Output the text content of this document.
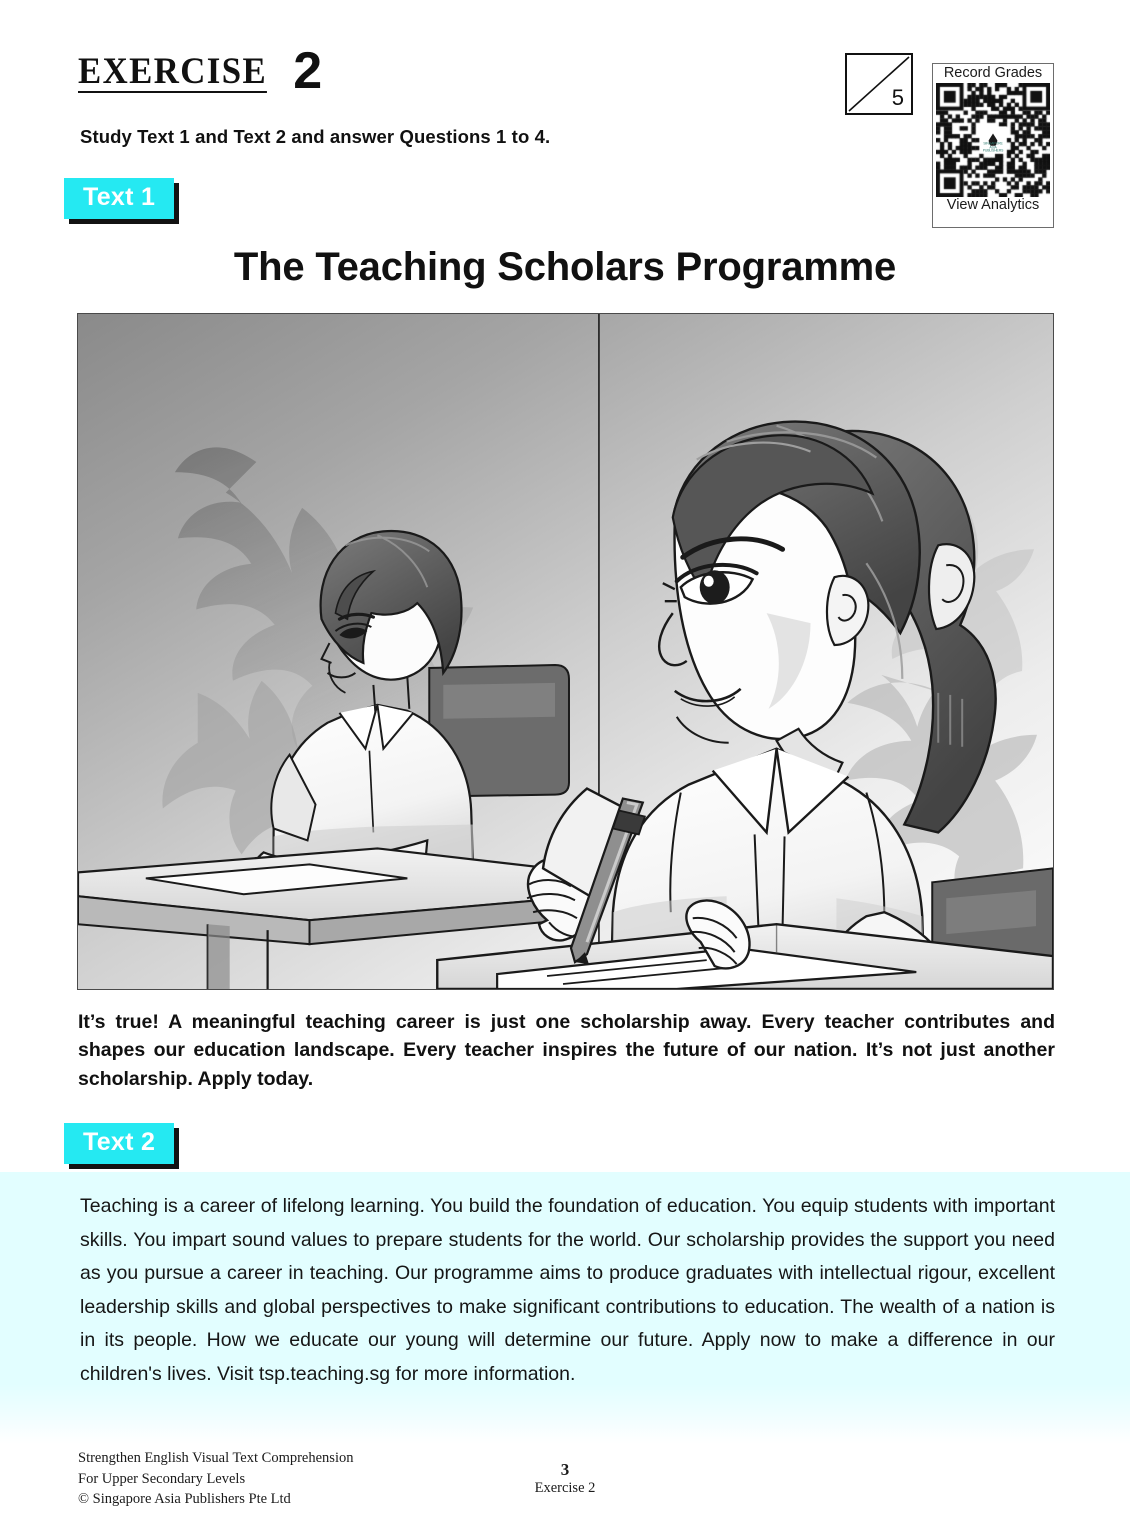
EXERCISE 2
Study Text 1 and Text 2 and answer Questions 1 to 4.
5
Record Grades
SINGAPORE ASIA PUBLISHERS
View Analytics
Text 1
The Teaching Scholars Programme
It’s true! A meaningful teaching career is just one scholarship away. Every teacher contributes and shapes our education landscape. Every teacher inspires the future of our nation. It’s not just another scholarship. Apply today.
Text 2
Teaching is a career of lifelong learning. You build the foundation of education. You equip students with important skills. You impart sound values to prepare students for the world. Our scholarship provides the support you need as you pursue a career in teaching. Our programme aims to produce graduates with intellectual rigour, excellent leadership skills and global perspectives to make significant contributions to education. The wealth of a nation is in its people. How we educate our young will determine our future. Apply now to make a difference in our children's lives. Visit tsp.teaching.sg for more information.
Strengthen English Visual Text Comprehension
For Upper Secondary Levels
© Singapore Asia Publishers Pte Ltd
3
Exercise 2
